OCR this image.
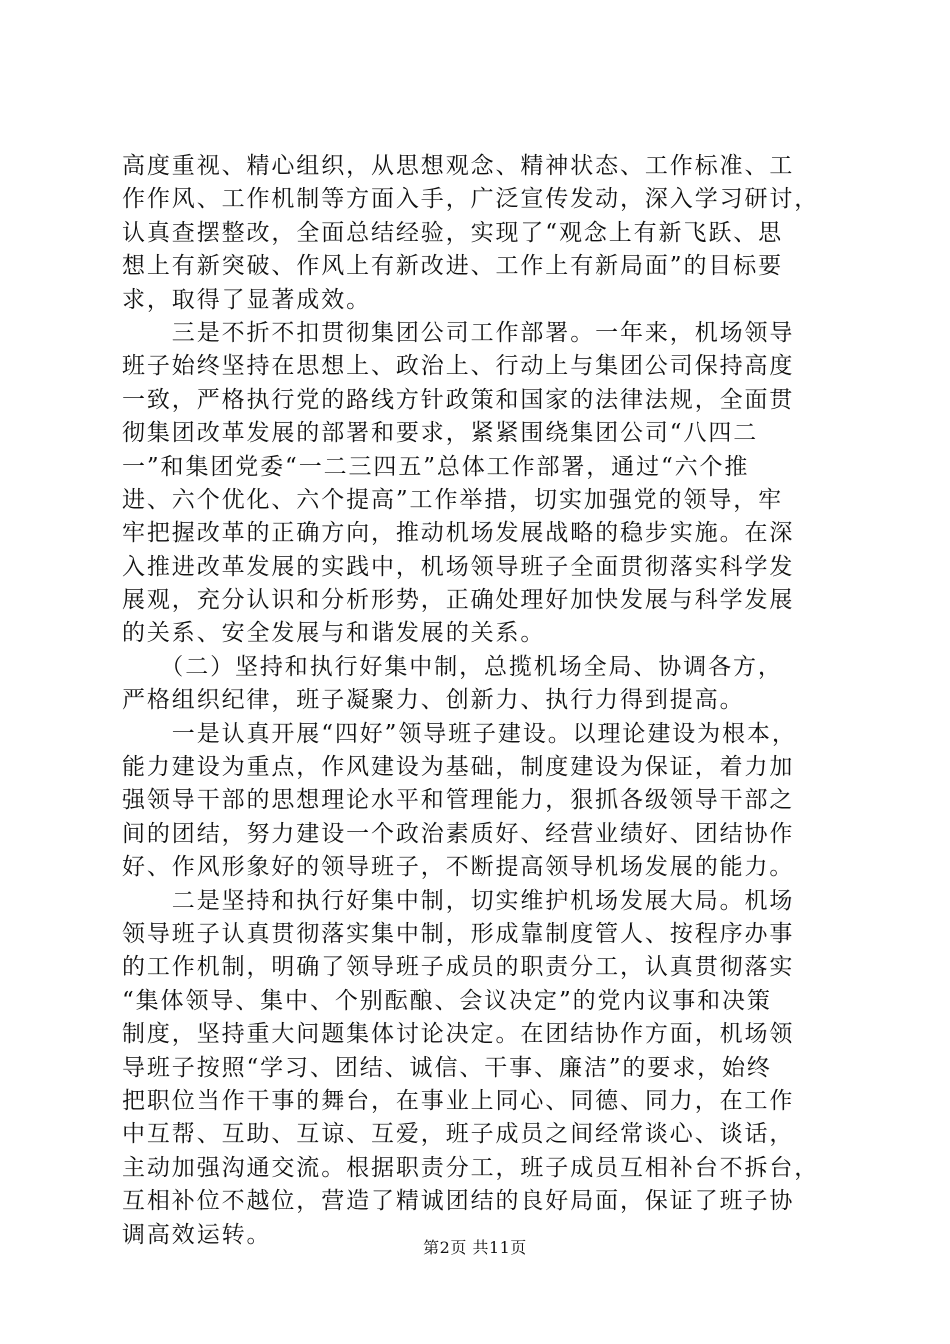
高度重视、精心组织，从思想观念、精神状态、工作标准、工
作作风、工作机制等方面入手，广泛宣传发动，深入学习研讨，
认真查摆整改，全面总结经验，实现了“观念上有新飞跃、思
想上有新突破、作风上有新改进、工作上有新局面”的目标要
求，取得了显著成效。
　　三是不折不扣贯彻集团公司工作部署。一年来，机场领导
班子始终坚持在思想上、政治上、行动上与集团公司保持高度
一致，严格执行党的路线方针政策和国家的法律法规，全面贯
彻集团改革发展的部署和要求，紧紧围绕集团公司“八四二
一”和集团党委“一二三四五”总体工作部署，通过“六个推
进、六个优化、六个提高”工作举措，切实加强党的领导，牢
牢把握改革的正确方向，推动机场发展战略的稳步实施。在深
入推进改革发展的实践中，机场领导班子全面贯彻落实科学发
展观，充分认识和分析形势，正确处理好加快发展与科学发展
的关系、安全发展与和谐发展的关系。
　　（二）坚持和执行好集中制，总揽机场全局、协调各方，
严格组织纪律，班子凝聚力、创新力、执行力得到提高。
　　一是认真开展“四好”领导班子建设。以理论建设为根本，
能力建设为重点，作风建设为基础，制度建设为保证，着力加
强领导干部的思想理论水平和管理能力，狠抓各级领导干部之
间的团结，努力建设一个政治素质好、经营业绩好、团结协作
好、作风形象好的领导班子，不断提高领导机场发展的能力。
　　二是坚持和执行好集中制，切实维护机场发展大局。机场
领导班子认真贯彻落实集中制，形成靠制度管人、按程序办事
的工作机制，明确了领导班子成员的职责分工，认真贯彻落实
“集体领导、集中、个别酝酿、会议决定”的党内议事和决策
制度，坚持重大问题集体讨论决定。在团结协作方面，机场领
导班子按照“学习、团结、诚信、干事、廉洁”的要求，始终
把职位当作干事的舞台，在事业上同心、同德、同力，在工作
中互帮、互助、互谅、互爱，班子成员之间经常谈心、谈话，
主动加强沟通交流。根据职责分工，班子成员互相补台不拆台，
互相补位不越位，营造了精诚团结的良好局面，保证了班子协
调高效运转。	第2页 共11页
